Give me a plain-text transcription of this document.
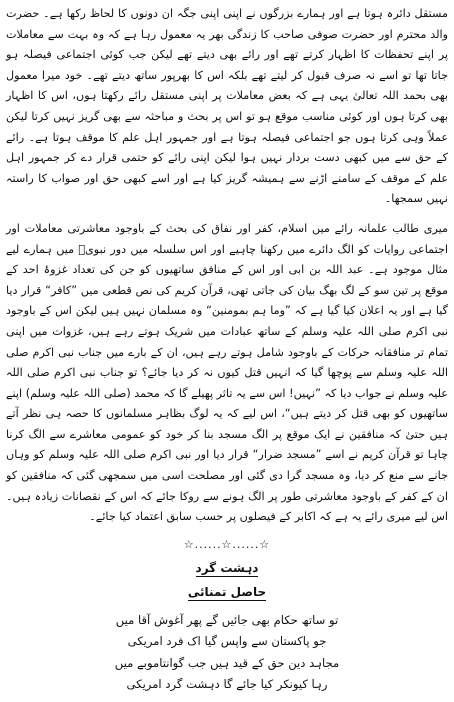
مستقل دائرہ ہوتا ہے اور ہمارے بزرگوں نے اپنی اپنی جگہ ان دونوں کا لحاظ رکھا ہے۔ حضرت والد محترم اور حضرت صوفی صاحب کا زندگی بھر یہ معمول رہا ہے کہ وہ بہت سے معاملات پر اپنے تحفظات کا اظہار کرتے تھے اور رائے بھی دیتے تھے لیکن جب کوئی اجتماعی فیصلہ ہو جاتا تھا تو اسے نہ صرف قبول کر لیتے تھے بلکہ اس کا بھرپور ساتھ دیتے تھے۔ خود میرا معمول بھی بحمد اللہ تعالیٰ یہی ہے کہ بعض معاملات پر اپنی مستقل رائے رکھتا ہوں، اس کا اظہار بھی کرتا ہوں اور کوئی مناسب موقع ہو تو اس پر بحث و مباحثہ سے بھی گریز نہیں کرتا لیکن عملاً وہی کرتا ہوں جو اجتماعی فیصلہ ہوتا ہے اور جمہور اہل علم کا موقف ہوتا ہے۔ رائے کے حق سے میں کبھی دست بردار نہیں ہوا لیکن اپنی رائے کو حتمی قرار دے کر جمہور اہل علم کے موقف کے سامنے اڑنے سے ہمیشہ گریز کیا ہے اور اسے کبھی حق اور صواب کا راستہ نہیں سمجھا۔

میری طالب علمانہ رائے میں اسلام، کفر اور نفاق کی بحث کے باوجود معاشرتی معاملات اور اجتماعی روایات کو الگ دائرے میں رکھنا چاہیے اور اس سلسلہ میں دور نبویؐ میں ہمارے لیے مثال موجود ہے۔ عبد اللہ بن ابی اور اس کے منافق ساتھیوں کو جن کی تعداد غزوۂ احد کے موقع پر تین سو کے لگ بھگ بیان کی جاتی تھی، قرآن کریم کی نص قطعی میں ”کافر“ قرار دیا گیا ہے اور یہ اعلان کیا گیا ہے کہ ”وما ہم بمومنین“ وہ مسلمان نہیں ہیں لیکن اس کے باوجود نبی اکرم صلی اللہ علیہ وسلم کے ساتھ عبادات میں شریک ہوتے رہے ہیں، غزوات میں اپنی تمام تر منافقانہ حرکات کے باوجود شامل ہوتے رہے ہیں، ان کے بارے میں جناب نبی اکرم صلی اللہ علیہ وسلم سے پوچھا گیا کہ انہیں قتل کیوں نہ کر دیا جائے؟ تو جناب نبی اکرم صلی اللہ علیہ وسلم نے جواب دیا کہ ”نہیں! اس سے یہ تاثر پھیلے گا کہ محمد (صلی اللہ علیہ وسلم) اپنے ساتھیوں کو بھی قتل کر دیتے ہیں“، اس لیے کہ یہ لوگ بظاہر مسلمانوں کا حصہ ہی نظر آتے ہیں حتیٰ کہ منافقین نے ایک موقع پر الگ مسجد بنا کر خود کو عمومی معاشرے سے الگ کرنا چاہا تو قرآن کریم نے اسے ”مسجد ضرار“ قرار دیا اور نبی اکرم صلی اللہ علیہ وسلم کو وہاں جانے سے منع کر دیا، وہ مسجد گرا دی گئی اور مصلحت اسی میں سمجھی گئی کہ منافقین کو ان کے کفر کے باوجود معاشرتی طور پر الگ ہونے سے روکا جائے کہ اس کے نقصانات زیادہ ہیں۔ اس لیے میری رائے یہ ہے کہ اکابر کے فیصلوں پر حسب سابق اعتماد کیا جائے۔

☆......☆......☆
دہشت گرد
حاصل تمنائی
تو ساتھ حکام بھی جائیں گے پھر آغوش آقا میں
جو پاکستان سے واپس گیا اک فرد امریکی
مجاہد دین حق کے قید ہیں جب گوانتاموبے میں
رہا کیونکر کیا جائے گا دہشت گرد امریکی
